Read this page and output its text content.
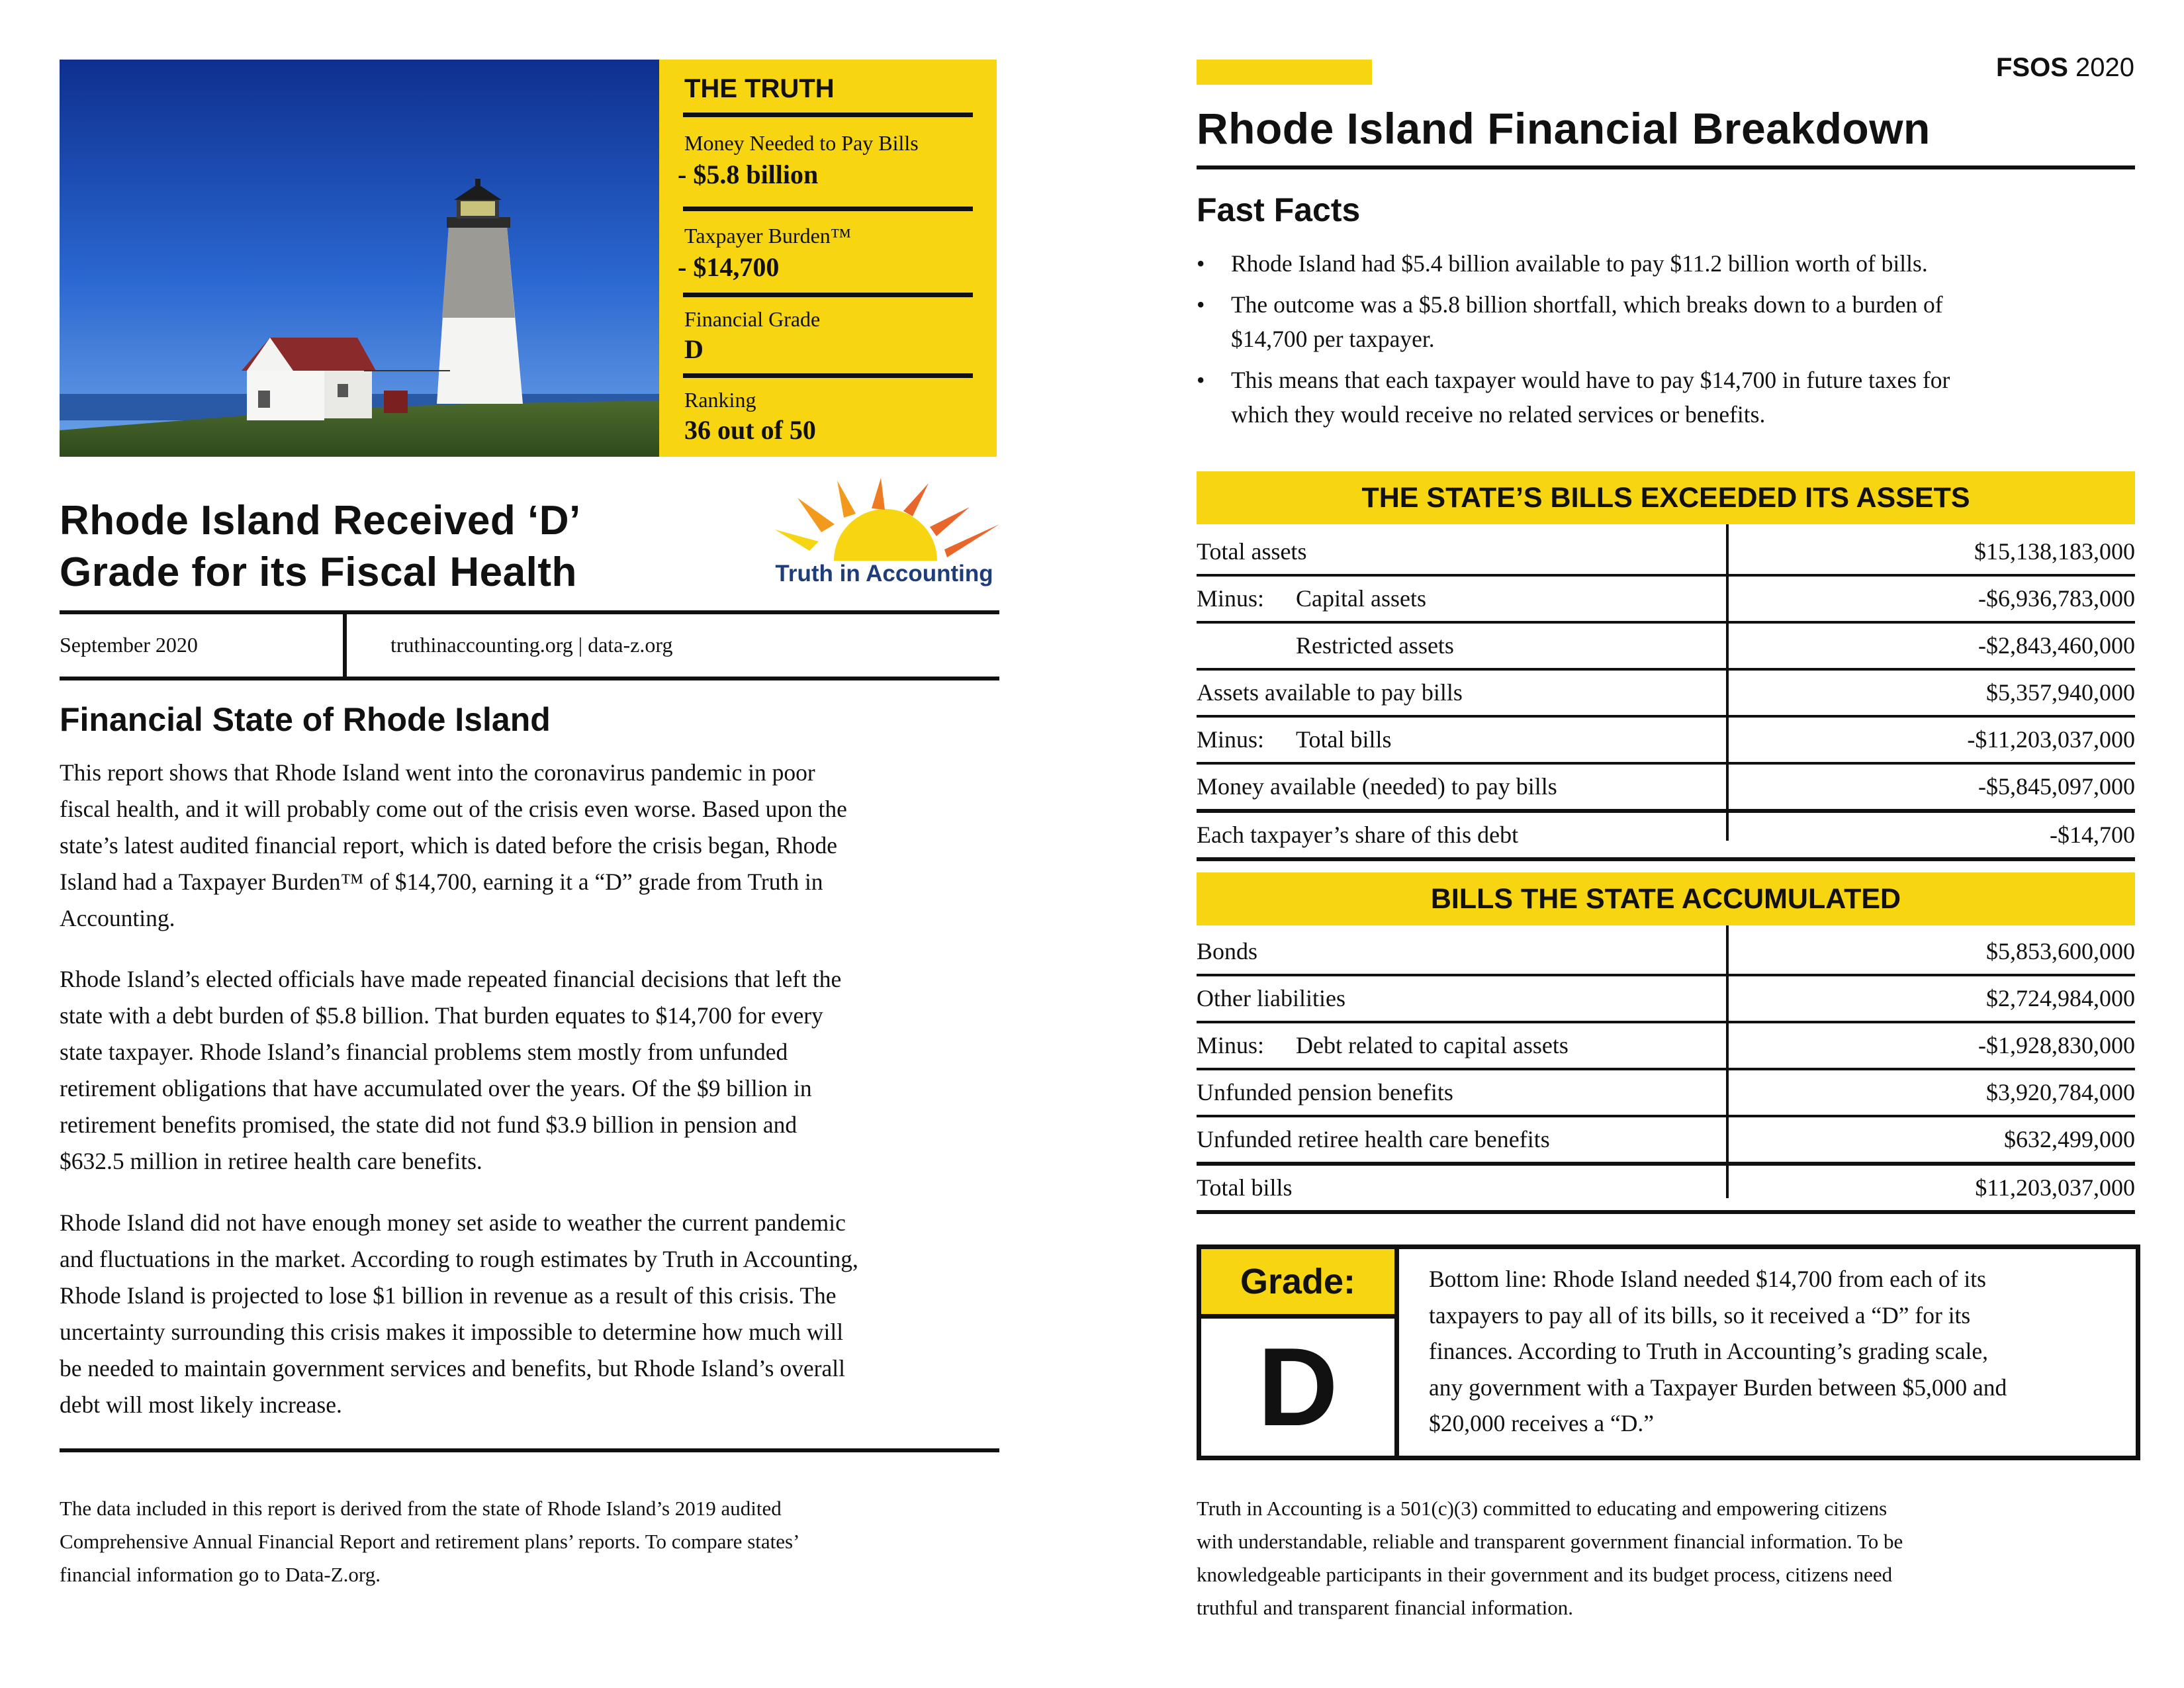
THE TRUTH
Money Needed to Pay Bills
- $5.8 billion
Taxpayer Burden™
- $14,700
Financial Grade
D
Ranking
36 out of 50
Rhode Island Received ‘D’
Grade for its Fiscal Health	Truth in Accounting
September 2020	truthinaccounting.org | data-z.org
Financial State of Rhode Island
This report shows that Rhode Island went into the coronavirus pandemic in poor
fiscal health, and it will probably come out of the crisis even worse. Based upon the
state’s latest audited financial report, which is dated before the crisis began, Rhode
Island had a Taxpayer Burden™ of $14,700, earning it a “D” grade from Truth in
Accounting.
Rhode Island’s elected officials have made repeated financial decisions that left the
state with a debt burden of $5.8 billion. That burden equates to $14,700 for every
state taxpayer. Rhode Island’s financial problems stem mostly from unfunded
retirement obligations that have accumulated over the years. Of the $9 billion in
retirement benefits promised, the state did not fund $3.9 billion in pension and
$632.5 million in retiree health care benefits.
Rhode Island did not have enough money set aside to weather the current pandemic
and fluctuations in the market. According to rough estimates by Truth in Accounting,
Rhode Island is projected to lose $1 billion in revenue as a result of this crisis. The
uncertainty surrounding this crisis makes it impossible to determine how much will
be needed to maintain government services and benefits, but Rhode Island’s overall
debt will most likely increase.
The data included in this report is derived from the state of Rhode Island’s 2019 audited
Comprehensive Annual Financial Report and retirement plans’ reports. To compare states’
financial information go to Data-Z.org.
FSOS 2020
Rhode Island Financial Breakdown
Fast Facts
• Rhode Island had $5.4 billion available to pay $11.2 billion worth of bills.
• The outcome was a $5.8 billion shortfall, which breaks down to a burden of
$14,700 per taxpayer.
• This means that each taxpayer would have to pay $14,700 in future taxes for
which they would receive no related services or benefits.
THE STATE’S BILLS EXCEEDED ITS ASSETS
Total assets	$15,138,183,000
Minus: Capital assets	-$6,936,783,000
Restricted assets	-$2,843,460,000
Assets available to pay bills	$5,357,940,000
Minus: Total bills	-$11,203,037,000
Money available (needed) to pay bills	-$5,845,097,000
Each taxpayer’s share of this debt	-$14,700
BILLS THE STATE ACCUMULATED
Bonds	$5,853,600,000
Other liabilities	$2,724,984,000
Minus: Debt related to capital assets	-$1,928,830,000
Unfunded pension benefits	$3,920,784,000
Unfunded retiree health care benefits	$632,499,000
Total bills	$11,203,037,000
Grade:
D
Bottom line: Rhode Island needed $14,700 from each of its
taxpayers to pay all of its bills, so it received a “D” for its
finances. According to Truth in Accounting’s grading scale,
any government with a Taxpayer Burden between $5,000 and
$20,000 receives a “D.”
Truth in Accounting is a 501(c)(3) committed to educating and empowering citizens
with understandable, reliable and transparent government financial information. To be
knowledgeable participants in their government and its budget process, citizens need
truthful and transparent financial information.
